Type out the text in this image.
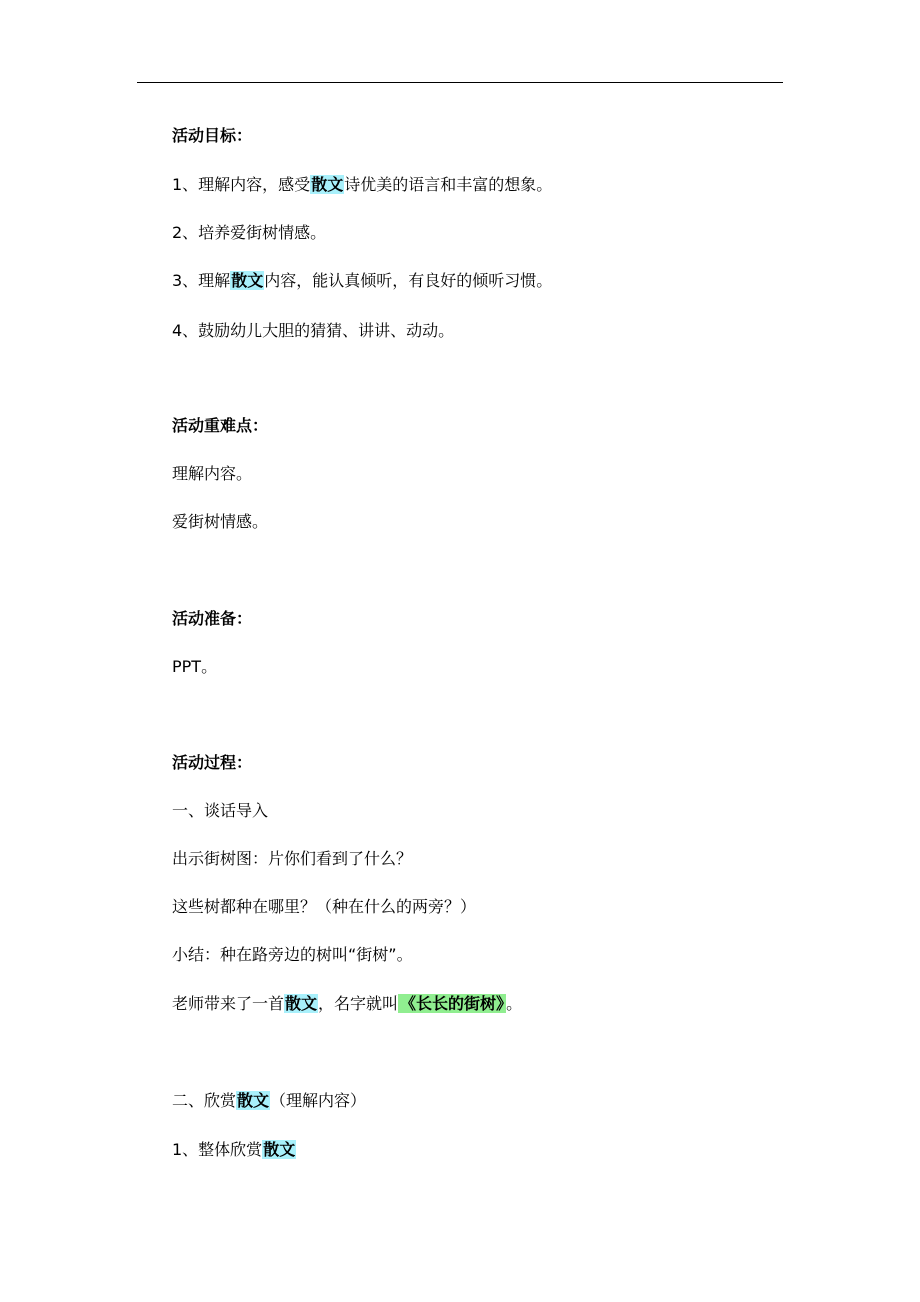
活动目标：
1、理解内容，感受散文诗优美的语言和丰富的想象。
2、培养爱街树情感。
3、理解散文内容，能认真倾听，有良好的倾听习惯。
4、鼓励幼儿大胆的猜猜、讲讲、动动。
活动重难点：
理解内容。
爱街树情感。
活动准备：
PPT。
活动过程：
一、谈话导入
出示街树图：片你们看到了什么？
这些树都种在哪里？（种在什么的两旁？）
小结：种在路旁边的树叫“街树”。
老师带来了一首散文，名字就叫 《长长的街树》 。
二、欣赏散文（理解内容）
1、整体欣赏散文
